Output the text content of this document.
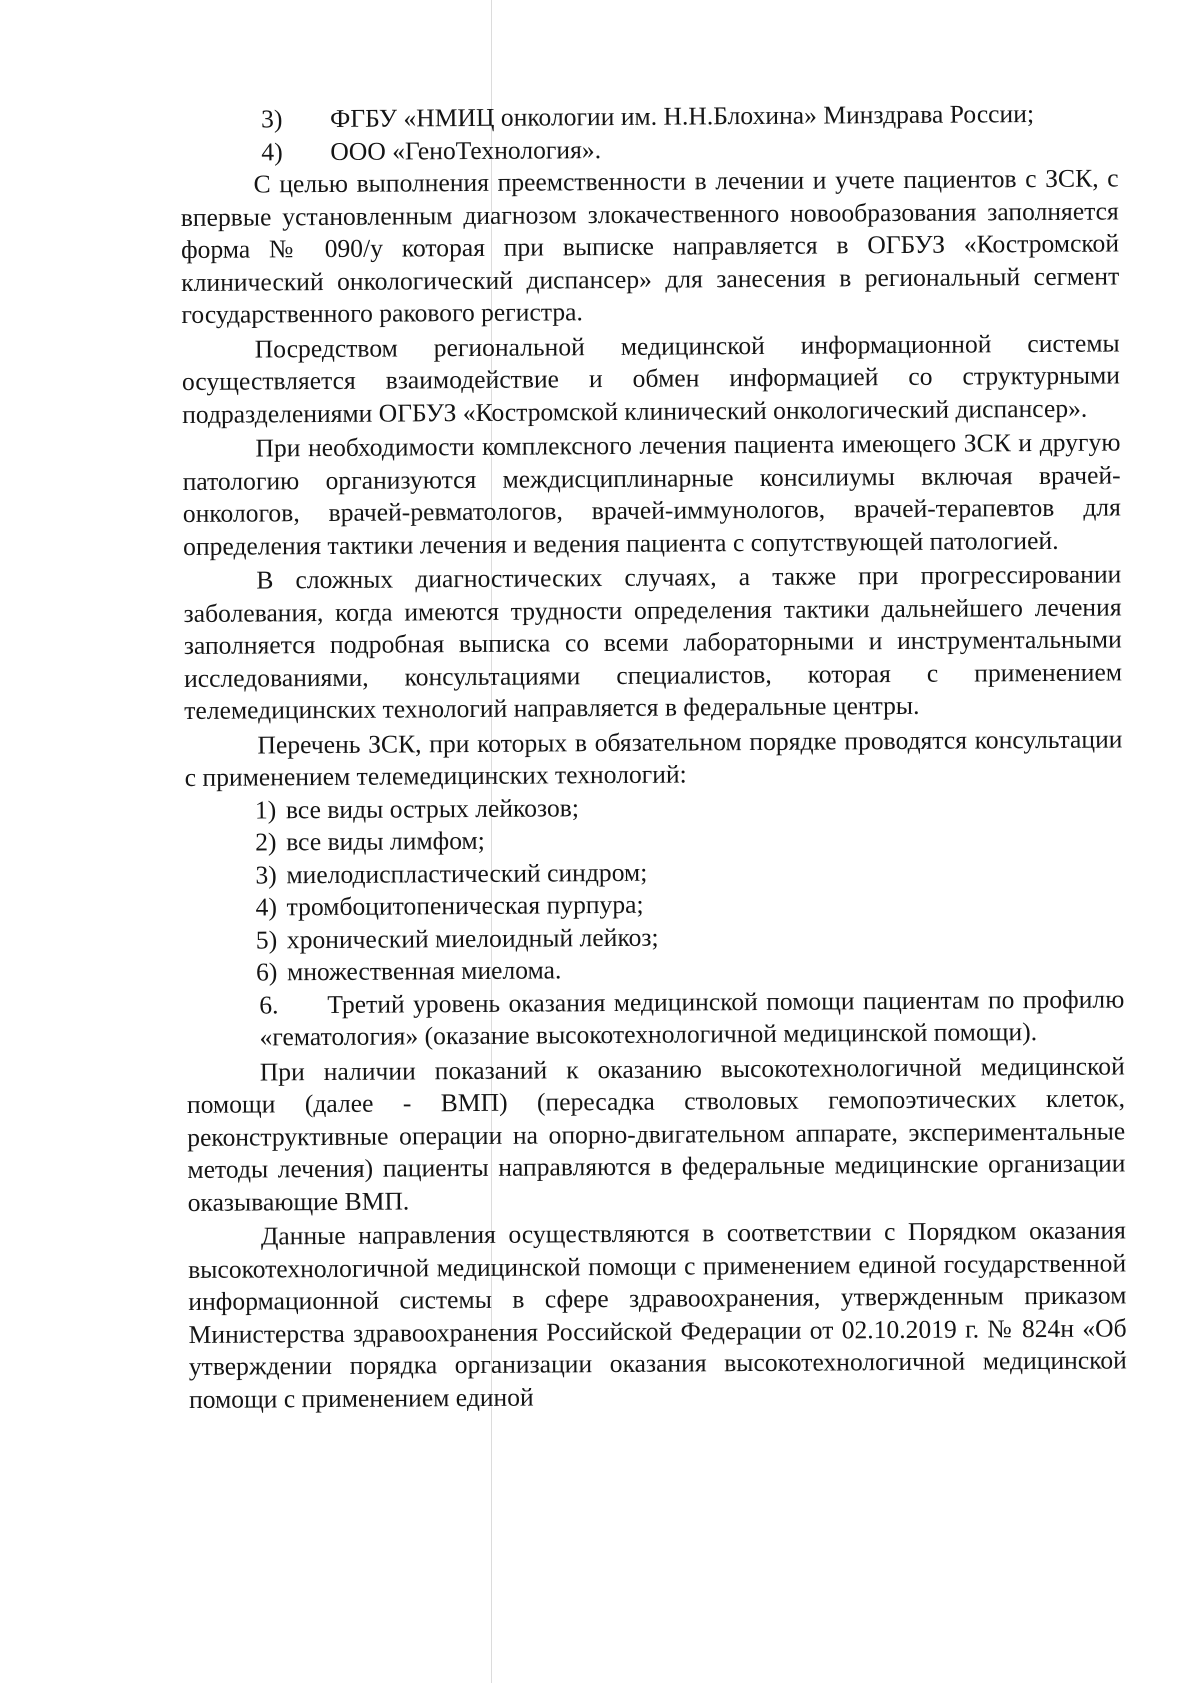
3)	ФГБУ «НМИЦ онкологии им. Н.Н.Блохина» Минздрава России;
4)	ООО «ГеноТехнология».

С целью выполнения преемственности в лечении и учете пациентов с ЗСК, с впервые установленным диагнозом злокачественного новообразования заполняется форма № 090/у которая при выписке направляется в ОГБУЗ «Костромской клинический онкологический диспансер» для занесения в региональный сегмент государственного ракового регистра.

Посредством региональной медицинской информационной системы осуществляется взаимодействие и обмен информацией со структурными подразделениями ОГБУЗ «Костромской клинический онкологический диспансер».

При необходимости комплексного лечения пациента имеющего ЗСК и другую патологию организуются междисциплинарные консилиумы включая врачей- онкологов, врачей-ревматологов, врачей-иммунологов, врачей-терапевтов для определения тактики лечения и ведения пациента с сопутствующей патологией.

В сложных диагностических случаях, а также при прогрессировании заболевания, когда имеются трудности определения тактики дальнейшего лечения заполняется подробная выписка со всеми лабораторными и инструментальными исследованиями, консультациями специалистов, которая с применением телемедицинских технологий направляется в федеральные центры.

Перечень ЗСК, при которых в обязательном порядке проводятся консультации с применением телемедицинских технологий:

1) все виды острых лейкозов;
2) все виды лимфом;
3) миелодиспластический синдром;
4) тромбоцитопеническая пурпура;
5) хронический миелоидный лейкоз;
6) множественная миелома.

6. Третий уровень оказания медицинской помощи пациентам по профилю «гематология» (оказание высокотехнологичной медицинской помощи).

При наличии показаний к оказанию высокотехнологичной медицинской помощи (далее - ВМП) (пересадка стволовых гемопоэтических клеток, реконструктивные операции на опорно-двигательном аппарате, экспериментальные методы лечения) пациенты направляются в федеральные медицинские организации оказывающие ВМП.

Данные направления осуществляются в соответствии с Порядком оказания высокотехнологичной медицинской помощи с применением единой государственной информационной системы в сфере здравоохранения, утвержденным приказом Министерства здравоохранения Российской Федерации от 02.10.2019 г. № 824н «Об утверждении порядка организации оказания высокотехнологичной медицинской помощи с применением единой
